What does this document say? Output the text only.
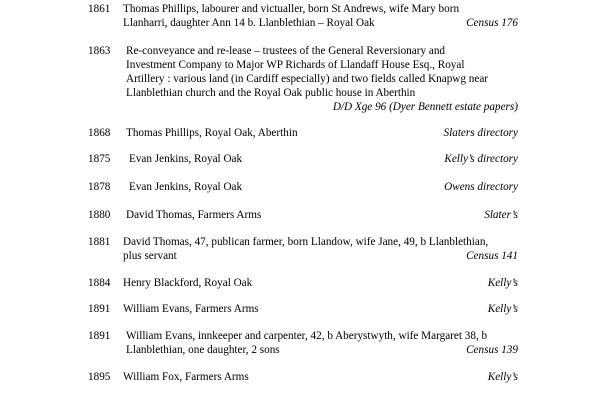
1861	Thomas Phillips, labourer and victualler, born St Andrews, wife Mary born
Llanharri, daughter Ann 14 b. Llanblethian – Royal Oak	Census 176
1863	Re-conveyance and re-lease – trustees of the General Reversionary and
Investment Company to Major WP Richards of Llandaff House Esq., Royal
Artillery : various land (in Cardiff especially) and two fields called Knapwg near
Llanblethian church and the Royal Oak public house in Aberthin
D/D Xge 96 (Dyer Bennett estate papers)
1868	Thomas Phillips, Royal Oak, Aberthin	Slaters directory
1875	Evan Jenkins, Royal Oak	Kelly’s directory
1878	Evan Jenkins, Royal Oak	Owens directory
1880	David Thomas, Farmers Arms	Slater’s
1881	David Thomas, 47, publican farmer, born Llandow, wife Jane, 49, b Llanblethian,
plus servant	Census 141
1884	Henry Blackford, Royal Oak	Kelly’s
1891	William Evans, Farmers Arms	Kelly’s
1891	William Evans, innkeeper and carpenter, 42, b Aberystwyth, wife Margaret 38, b
Llanblethian, one daughter, 2 sons	Census 139
1895	William Fox, Farmers Arms	Kelly’s
